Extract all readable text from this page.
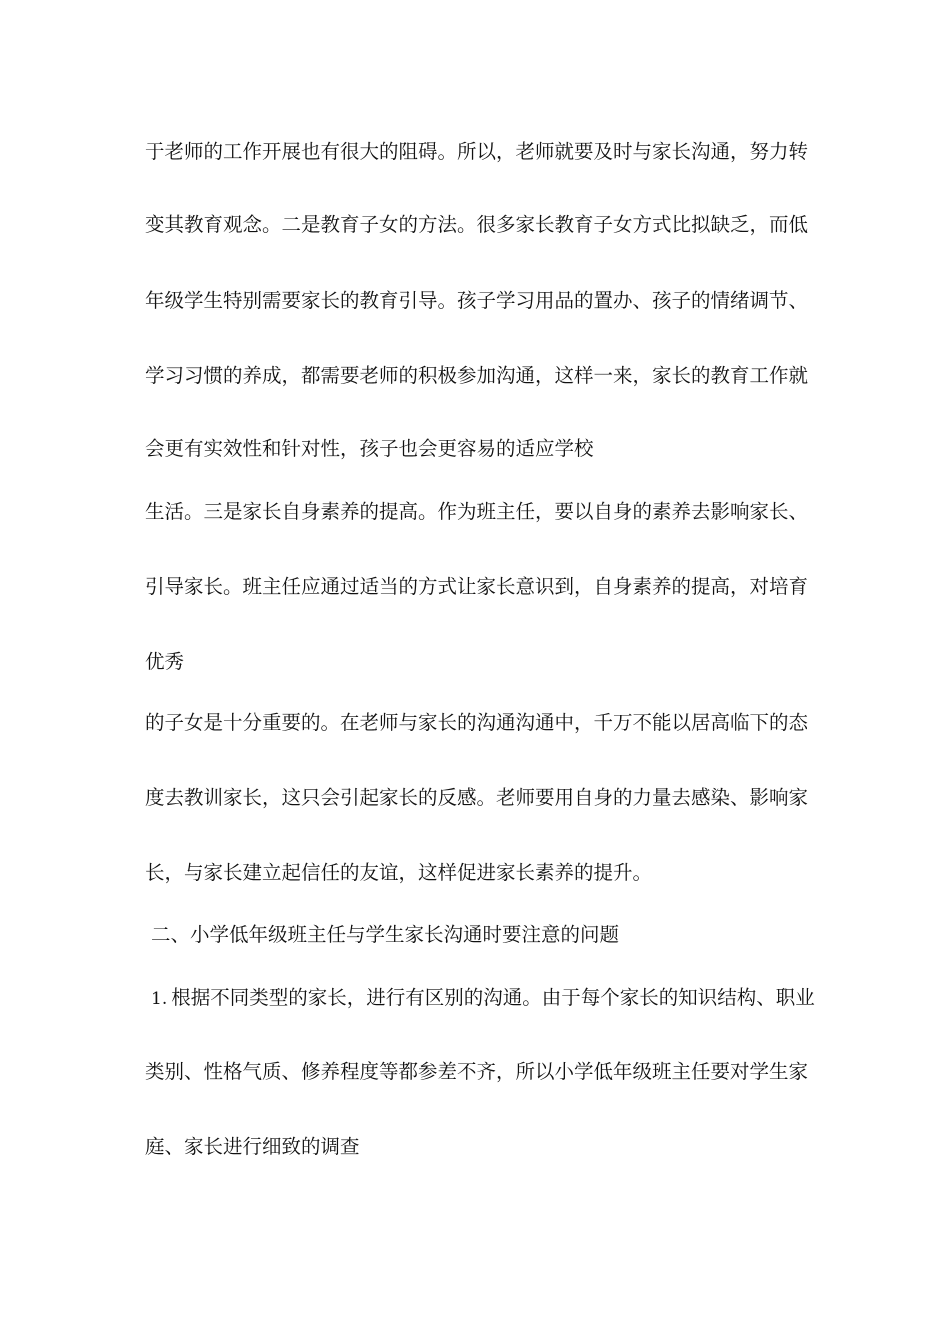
于老师的工作开展也有很大的阻碍。所以，老师就要及时与家长沟通，努力转
变其教育观念。二是教育子女的方法。很多家长教育子女方式比拟缺乏，而低
年级学生特别需要家长的教育引导。孩子学习用品的置办、孩子的情绪调节、
学习习惯的养成，都需要老师的积极参加沟通，这样一来，家长的教育工作就
会更有实效性和针对性，孩子也会更容易的适应学校
生活。三是家长自身素养的提高。作为班主任，要以自身的素养去影响家长、
引导家长。班主任应通过适当的方式让家长意识到，自身素养的提高，对培育
优秀
的子女是十分重要的。在老师与家长的沟通沟通中，千万不能以居高临下的态
度去教训家长，这只会引起家长的反感。老师要用自身的力量去感染、影响家
长，与家长建立起信任的友谊，这样促进家长素养的提升。
二、小学低年级班主任与学生家长沟通时要注意的问题
1. 根据不同类型的家长，进行有区别的沟通。由于每个家长的知识结构、职业
类别、性格气质、修养程度等都参差不齐，所以小学低年级班主任要对学生家
庭、家长进行细致的调查
